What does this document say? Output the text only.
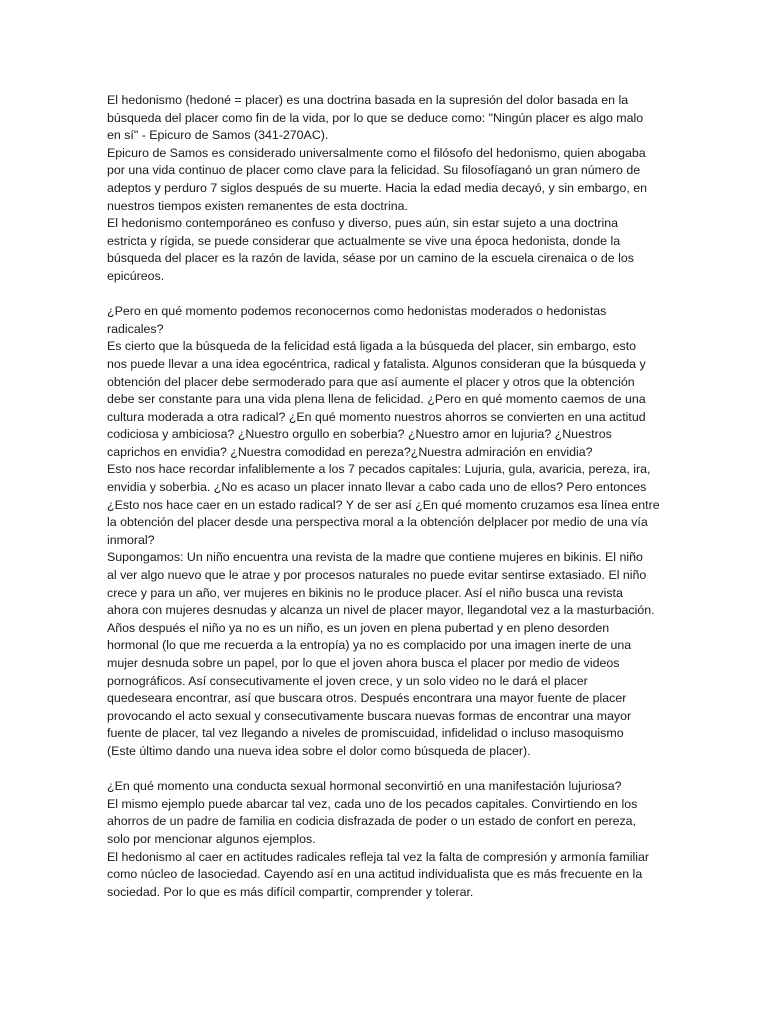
El hedonismo (hedoné = placer) es una doctrina basada en la supresión del dolor basada en la
búsqueda del placer como fin de la vida, por lo que se deduce como: "Ningún placer es algo malo
en sí" - Epicuro de Samos (341-270AC).
Epicuro de Samos es considerado universalmente como el filósofo del hedonismo, quien abogaba
por una vida continuo de placer como clave para la felicidad. Su filosofíaganó un gran número de
adeptos y perduro 7 siglos después de su muerte. Hacia la edad media decayó, y sin embargo, en
nuestros tiempos existen remanentes de esta doctrina.
El hedonismo contemporáneo es confuso y diverso, pues aún, sin estar sujeto a una doctrina
estricta y rígida, se puede considerar que actualmente se vive una época hedonista, donde la
búsqueda del placer es la razón de lavida, séase por un camino de la escuela cirenaica o de los
epicúreos.
¿Pero en qué momento podemos reconocernos como hedonistas moderados o hedonistas
radicales?
Es cierto que la búsqueda de la felicidad está ligada a la búsqueda del placer, sin embargo, esto
nos puede llevar a una idea egocéntrica, radical y fatalista. Algunos consideran que la búsqueda y
obtención del placer debe sermoderado para que así aumente el placer y otros que la obtención
debe ser constante para una vida plena llena de felicidad. ¿Pero en qué momento caemos de una
cultura moderada a otra radical? ¿En qué momento nuestros ahorros se convierten en una actitud
codiciosa y ambiciosa? ¿Nuestro orgullo en soberbia? ¿Nuestro amor en lujuria? ¿Nuestros
caprichos en envidia? ¿Nuestra comodidad en pereza?¿Nuestra admiración en envidia?
Esto nos hace recordar infaliblemente a los 7 pecados capitales: Lujuria, gula, avaricia, pereza, ira,
envidia y soberbia. ¿No es acaso un placer innato llevar a cabo cada uno de ellos? Pero entonces
¿Esto nos hace caer en un estado radical? Y de ser así ¿En qué momento cruzamos esa línea entre
la obtención del placer desde una perspectiva moral a la obtención delplacer por medio de una vía
inmoral?
Supongamos: Un niño encuentra una revista de la madre que contiene mujeres en bikinis. El niño
al ver algo nuevo que le atrae y por procesos naturales no puede evitar sentirse extasiado. El niño
crece y para un año, ver mujeres en bikinis no le produce placer. Así el niño busca una revista
ahora con mujeres desnudas y alcanza un nivel de placer mayor, llegandotal vez a la masturbación.
Años después el niño ya no es un niño, es un joven en plena pubertad y en pleno desorden
hormonal (lo que me recuerda a la entropía) ya no es complacido por una imagen inerte de una
mujer desnuda sobre un papel, por lo que el joven ahora busca el placer por medio de videos
pornográficos. Así consecutivamente el joven crece, y un solo video no le dará el placer
quedeseara encontrar, así que buscara otros. Después encontrara una mayor fuente de placer
provocando el acto sexual y consecutivamente buscara nuevas formas de encontrar una mayor
fuente de placer, tal vez llegando a niveles de promiscuidad, infidelidad o incluso masoquismo
(Este último dando una nueva idea sobre el dolor como búsqueda de placer).
¿En qué momento una conducta sexual hormonal seconvirtió en una manifestación lujuriosa?
El mismo ejemplo puede abarcar tal vez, cada uno de los pecados capitales. Convirtiendo en los
ahorros de un padre de familia en codicia disfrazada de poder o un estado de confort en pereza,
solo por mencionar algunos ejemplos.
El hedonismo al caer en actitudes radicales refleja tal vez la falta de compresión y armonía familiar
como núcleo de lasociedad. Cayendo así en una actitud individualista que es más frecuente en la
sociedad. Por lo que es más difícil compartir, comprender y tolerar.
